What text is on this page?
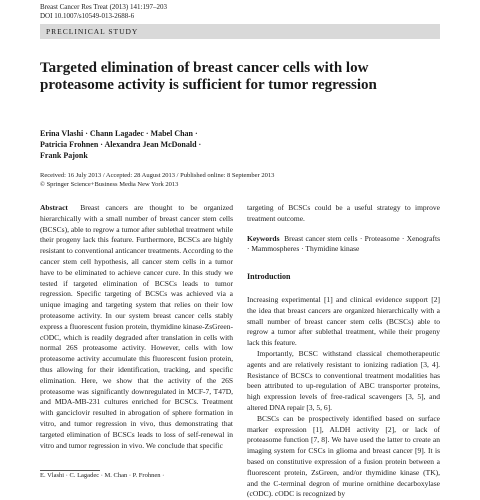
Breast Cancer Res Treat (2013) 141:197–203
DOI 10.1007/s10549-013-2688-6
PRECLINICAL STUDY
Targeted elimination of breast cancer cells with low proteasome activity is sufficient for tumor regression
Erina Vlashi · Chann Lagadec · Mabel Chan ·
Patricia Frohnen · Alexandra Jean McDonald ·
Frank Pajonk
Received: 16 July 2013 / Accepted: 28 August 2013 / Published online: 8 September 2013
© Springer Science+Business Media New York 2013

Abstract Breast cancers are thought to be organized hierarchically with a small number of breast cancer stem cells (BCSCs), able to regrow a tumor after sublethal treatment while their progeny lack this feature. Furthermore, BCSCs are highly resistant to conventional anticancer treatments. According to the cancer stem cell hypothesis, all cancer stem cells in a tumor have to be eliminated to achieve cancer cure. In this study we tested if targeted elimination of BCSCs leads to tumor regression. Specific targeting of BCSCs was achieved via a unique imaging and targeting system that relies on their low proteasome activity. In our system breast cancer cells stably express a fluorescent fusion protein, thymidine kinase-ZsGreen-cODC, which is readily degraded after translation in cells with normal 26S proteasome activity. However, cells with low proteasome activity accumulate this fluorescent fusion protein, thus allowing for their identification, tracking, and specific elimination. Here, we show that the activity of the 26S proteasome was significantly downregulated in MCF-7, T47D, and MDA-MB-231 cultures enriched for BCSCs. Treatment with ganciclovir resulted in abrogation of sphere formation in vitro, and tumor regression in vivo, thus demonstrating that targeted elimination of BCSCs leads to loss of self-renewal in vitro and tumor regression in vivo. We conclude that specific

targeting of BCSCs could be a useful strategy to improve treatment outcome.

Keywords Breast cancer stem cells · Proteasome · Xenografts · Mammospheres · Thymidine kinase

Introduction

Increasing experimental [1] and clinical evidence support [2] the idea that breast cancers are organized hierarchically with a small number of breast cancer stem cells (BCSCs) able to regrow a tumor after sublethal treatment, while their progeny lack this feature.

Importantly, BCSC withstand classical chemotherapeutic agents and are relatively resistant to ionizing radiation [3, 4]. Resistance of BCSCs to conventional treatment modalities has been attributed to up-regulation of ABC transporter proteins, high expression levels of free-radical scavengers [3, 5], and altered DNA repair [3, 5, 6].

BCSCs can be prospectively identified based on surface marker expression [1], ALDH activity [2], or lack of proteasome function [7, 8]. We have used the latter to create an imaging system for CSCs in glioma and breast cancer [9]. It is based on constitutive expression of a fusion protein between a fluorescent protein, ZsGreen, and/or thymidine kinase (TK), and the C-terminal degron of murine ornithine decarboxylase (cODC). cODC is recognized by

E. Vlashi · C. Lagadec · M. Chan · P. Frohnen ·
